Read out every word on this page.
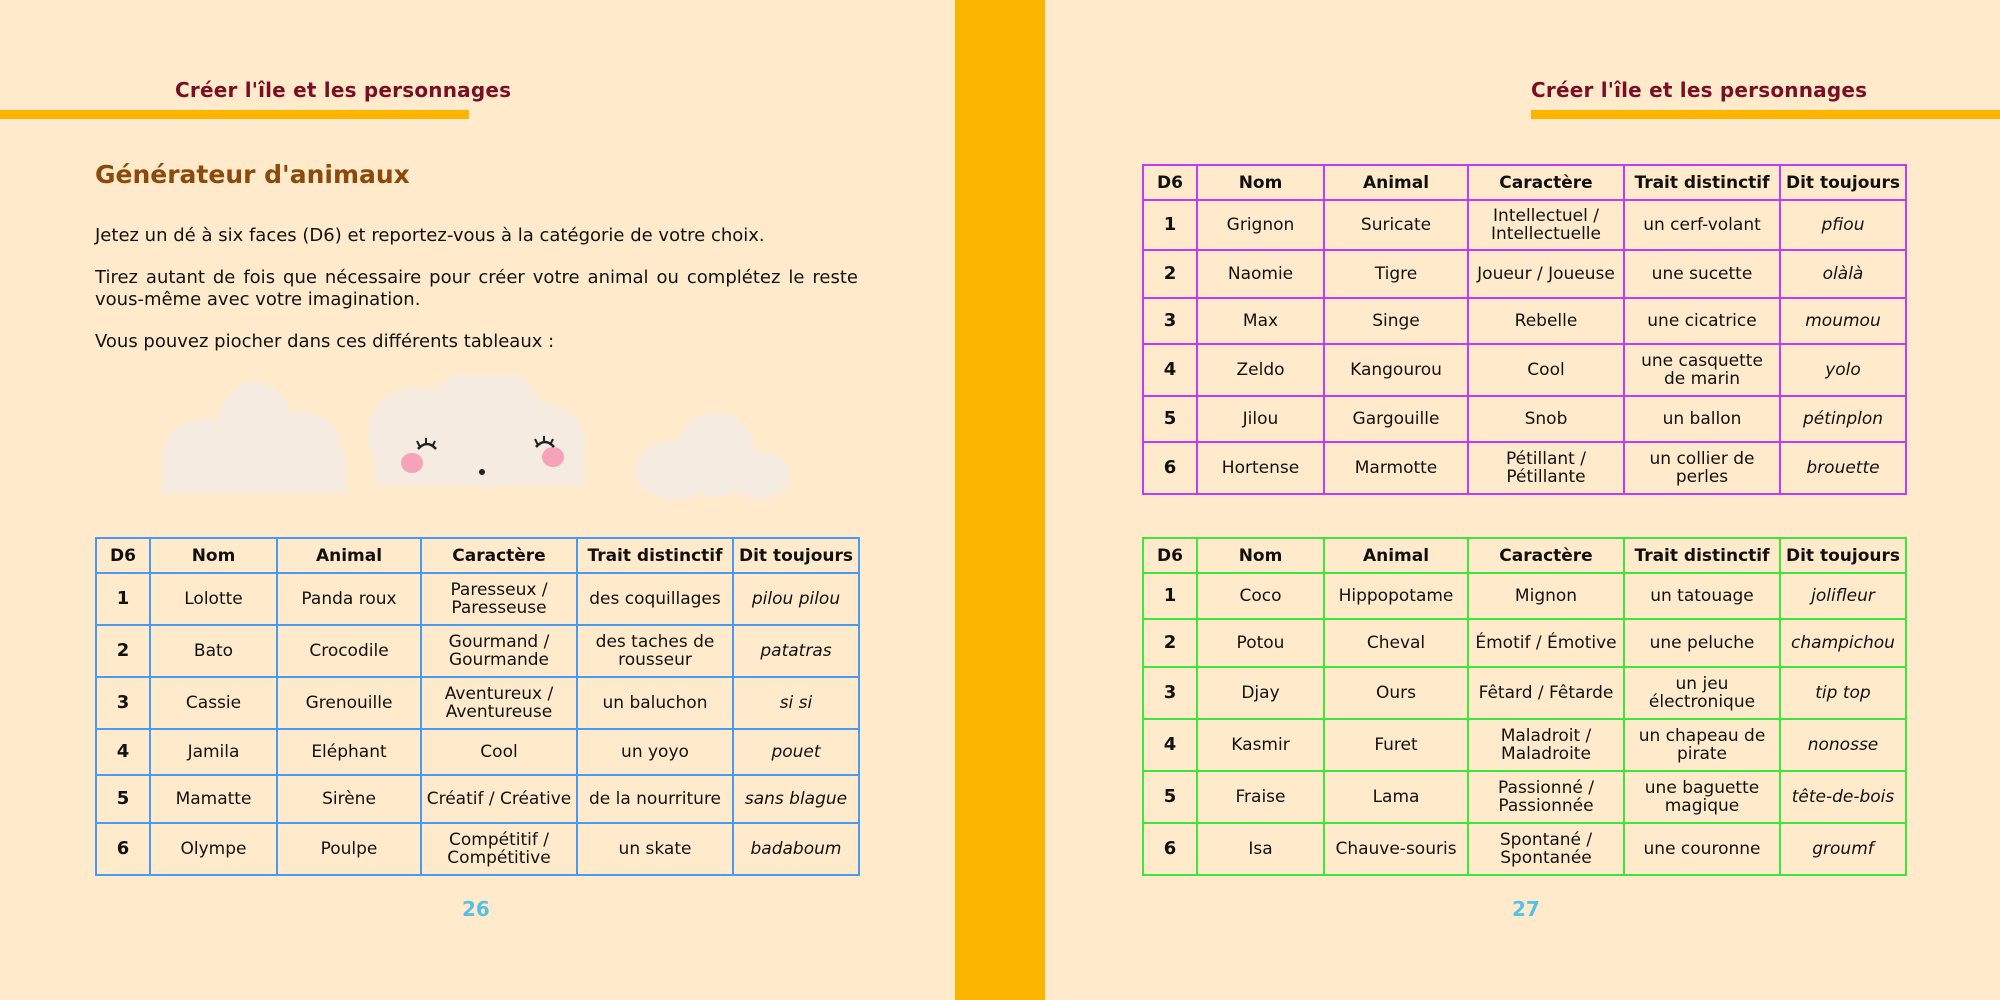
Créer l'île et les personnages
Générateur d'animaux

Jetez un dé à six faces (D6) et reportez-vous à la catégorie de votre choix.

Tirez autant de fois que nécessaire pour créer votre animal ou complétez le reste vous-même avec votre imagination.

Vous pouvez piocher dans ces différents tableaux :

D6	Nom	Animal	Caractère	Trait distinctif	Dit toujours
1	Lolotte	Panda roux	Paresseux / Paresseuse	des coquillages	pilou pilou
2	Bato	Crocodile	Gourmand / Gourmande	des taches de rousseur	patatras
3	Cassie	Grenouille	Aventureux / Aventureuse	un baluchon	si si
4	Jamila	Eléphant	Cool	un yoyo	pouet
5	Mamatte	Sirène	Créatif / Créative	de la nourriture	sans blague
6	Olympe	Poulpe	Compétitif / Compétitive	un skate	badaboum
26
Créer l'île et les personnages
D6	Nom	Animal	Caractère	Trait distinctif	Dit toujours
1	Grignon	Suricate	Intellectuel / Intellectuelle	un cerf-volant	pfiou
2	Naomie	Tigre	Joueur / Joueuse	une sucette	olàlà
3	Max	Singe	Rebelle	une cicatrice	moumou
4	Zeldo	Kangourou	Cool	une casquette de marin	yolo
5	Jilou	Gargouille	Snob	un ballon	pétinplon
6	Hortense	Marmotte	Pétillant / Pétillante	un collier de perles	brouette
D6	Nom	Animal	Caractère	Trait distinctif	Dit toujours
1	Coco	Hippopotame	Mignon	un tatouage	jolifleur
2	Potou	Cheval	Émotif / Émotive	une peluche	champichou
3	Djay	Ours	Fêtard / Fêtarde	un jeu électronique	tip top
4	Kasmir	Furet	Maladroit / Maladroite	un chapeau de pirate	nonosse
5	Fraise	Lama	Passionné / Passionnée	une baguette magique	tête-de-bois
6	Isa	Chauve-souris	Spontané / Spontanée	une couronne	groumf
27
